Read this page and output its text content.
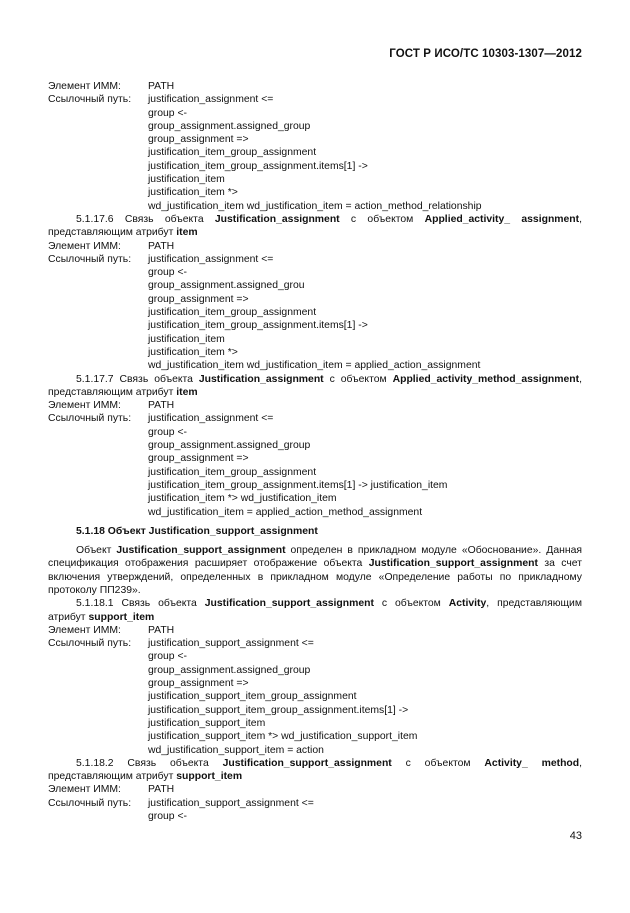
ГОСТ Р ИСО/ТС 10303-1307—2012
Элемент ИММ:	PATH
Ссылочный путь:	justification_assignment <=
group <-
group_assignment.assigned_group
group_assignment =>
justification_item_group_assignment
justification_item_group_assignment.items[1] ->
justification_item
justification_item *>
wd_justification_item wd_justification_item = action_method_relationship
5.1.17.6 Связь объекта Justification_assignment с объектом Applied_activity_ assignment, представляющим атрибут item
Элемент ИММ:	PATH
Ссылочный путь:	justification_assignment <=
group <-
group_assignment.assigned_grou
group_assignment =>
justification_item_group_assignment
justification_item_group_assignment.items[1] ->
justification_item
justification_item *>
wd_justification_item wd_justification_item = applied_action_assignment
5.1.17.7 Связь объекта Justification_assignment с объектом Applied_activity_method_assignment, представляющим атрибут item
Элемент ИММ:	PATH
Ссылочный путь:	justification_assignment <=
group <-
group_assignment.assigned_group
group_assignment =>
justification_item_group_assignment
justification_item_group_assignment.items[1] -> justification_item
justification_item *> wd_justification_item
wd_justification_item = applied_action_method_assignment
5.1.18 Объект Justification_support_assignment
Объект Justification_support_assignment определен в прикладном модуле «Обоснование». Данная спецификация отображения расширяет отображение объекта Justification_support_assignment за счет включения утверждений, определенных в прикладном модуле «Определение работы по прикладному протоколу ПП239».
5.1.18.1 Связь объекта Justification_support_assignment с объектом Activity, представляющим атрибут support_item
Элемент ИММ:	PATH
Ссылочный путь:	justification_support_assignment <=
group <-
group_assignment.assigned_group
group_assignment =>
justification_support_item_group_assignment
justification_support_item_group_assignment.items[1] ->
justification_support_item
justification_support_item *> wd_justification_support_item
wd_justification_support_item = action
5.1.18.2 Связь объекта Justification_support_assignment с объектом Activity_ method, представляющим атрибут support_item
Элемент ИММ:	PATH
Ссылочный путь:	justification_support_assignment <=
group <-
43
